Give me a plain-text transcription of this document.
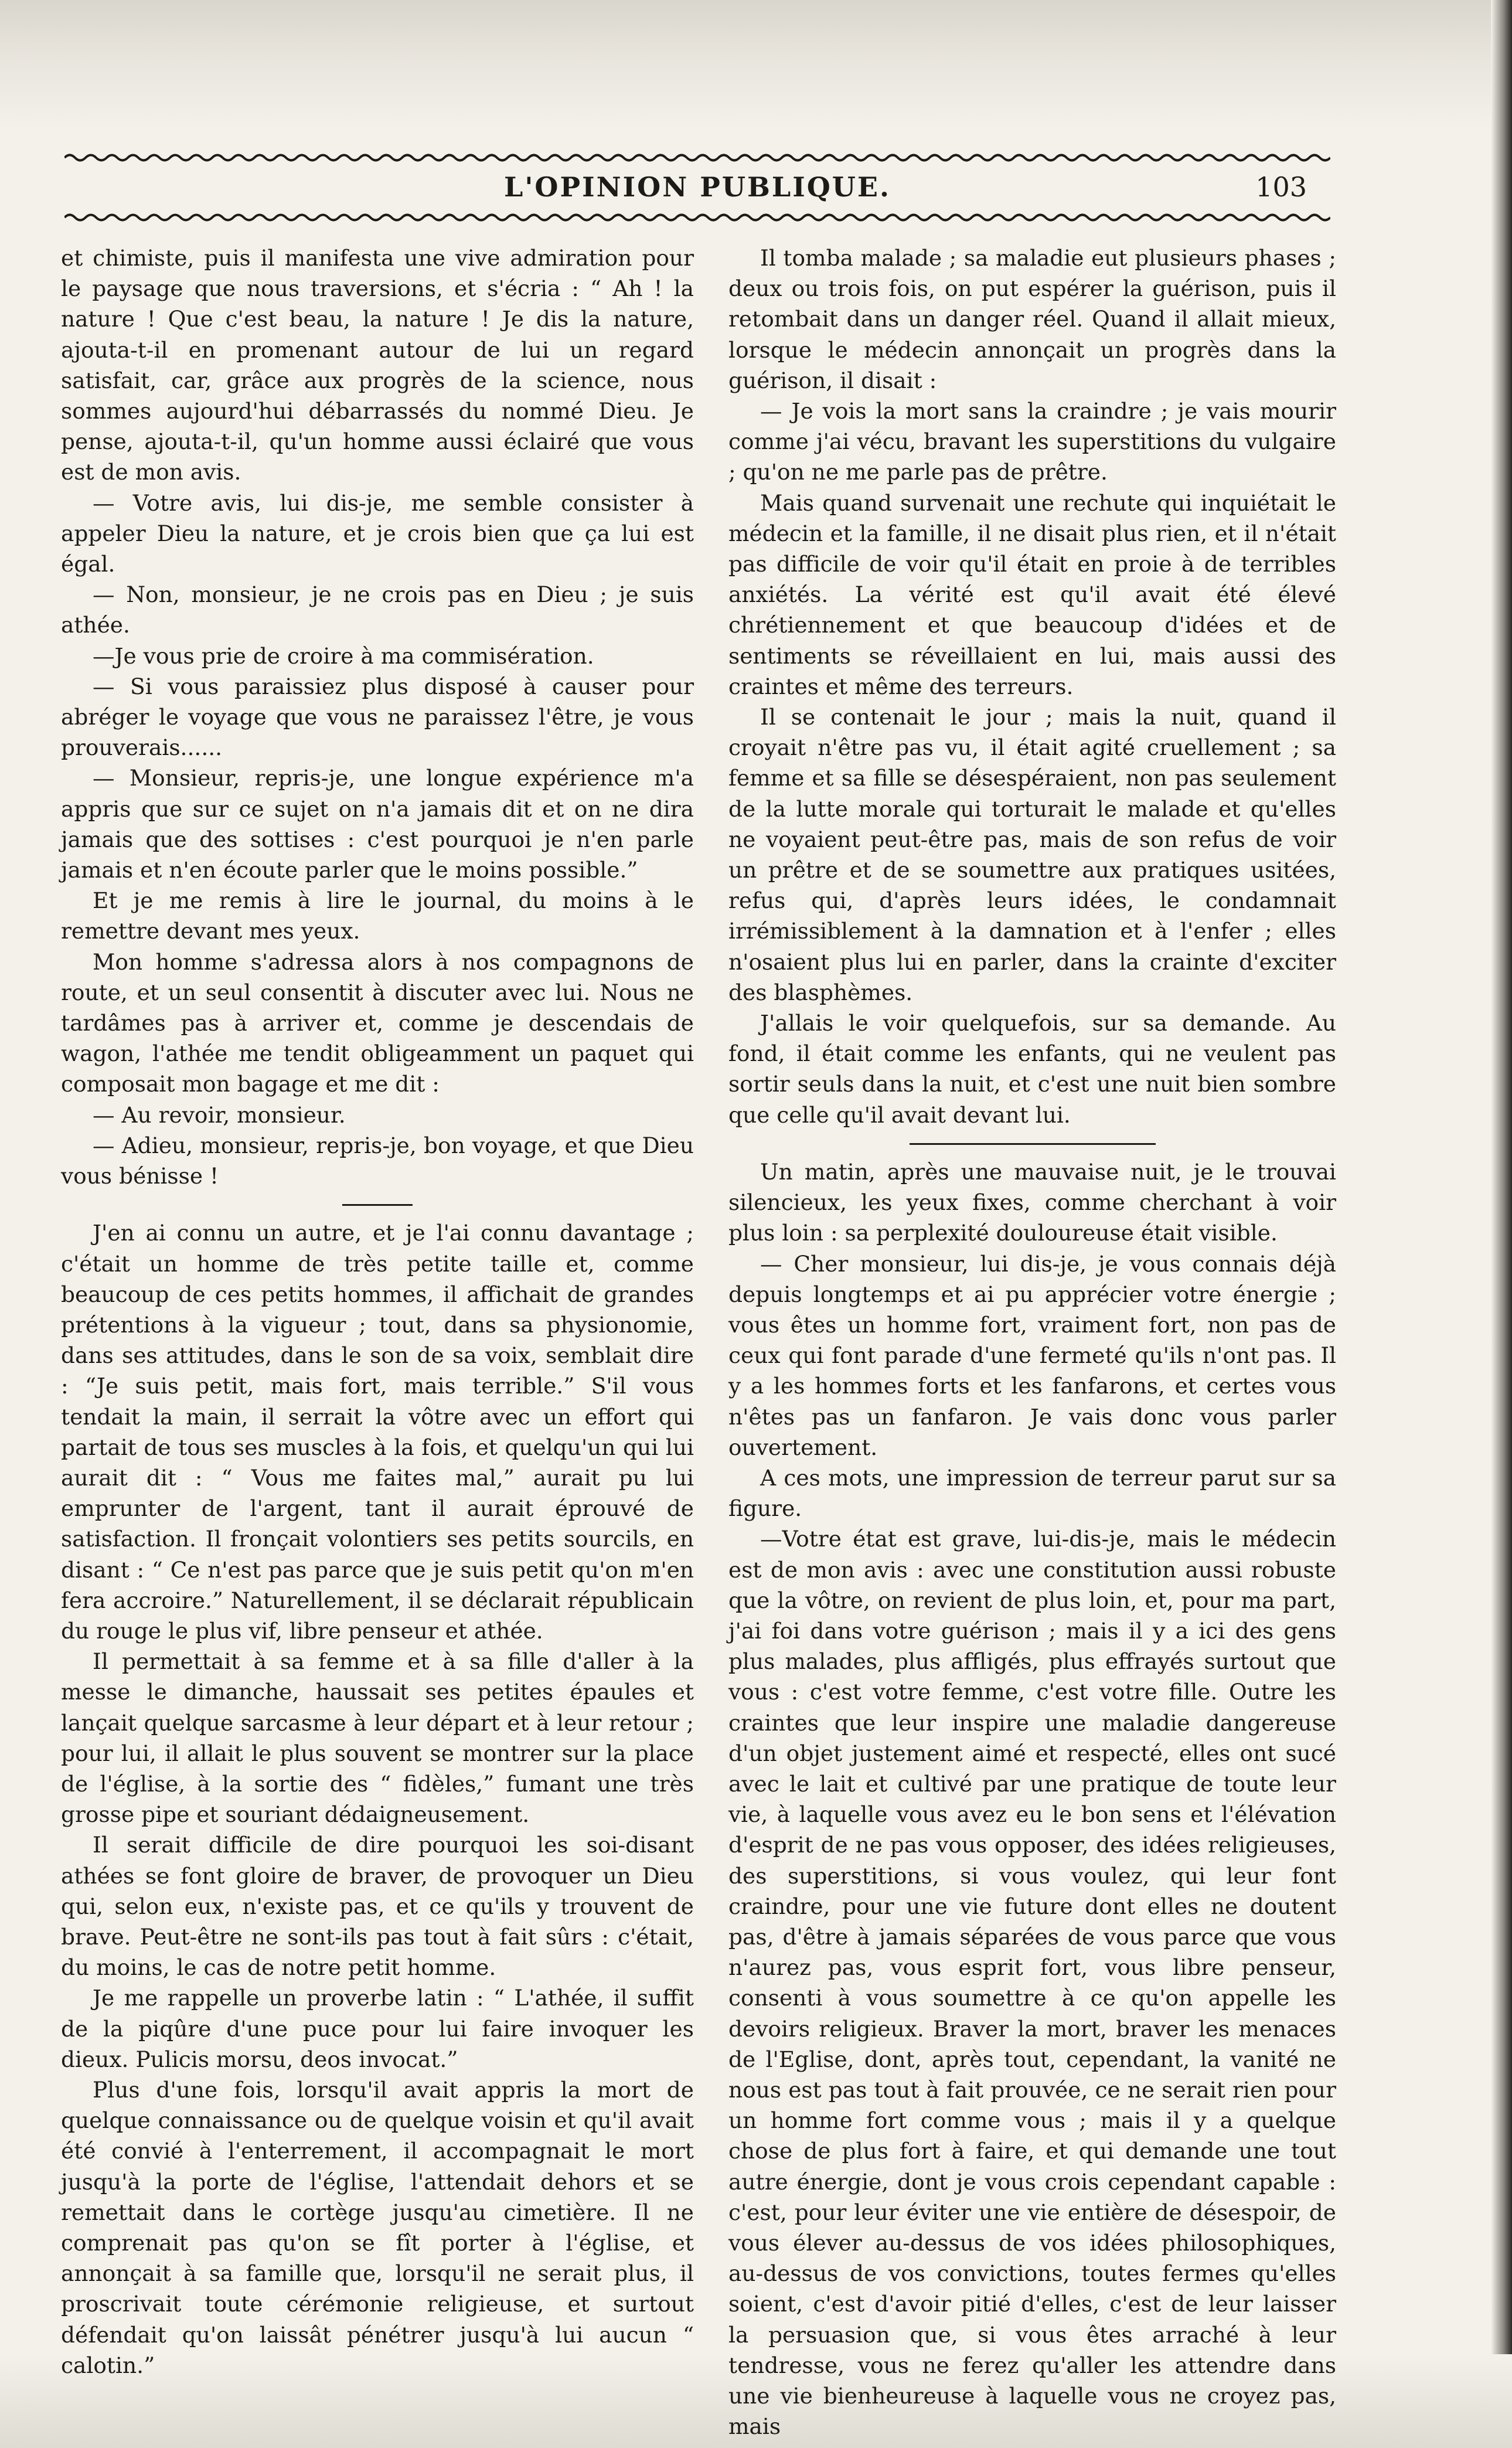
L'OPINION PUBLIQUE.	103

et chimiste, puis il manifesta une vive admiration pour le paysage que nous traversions, et s'écria : “ Ah ! la nature ! Que c'est beau, la nature ! Je dis la nature, ajouta-t-il en promenant autour de lui un regard satisfait, car, grâce aux progrès de la science, nous sommes aujourd'hui débarrassés du nommé Dieu. Je pense, ajouta-t-il, qu'un homme aussi éclairé que vous est de mon avis.

— Votre avis, lui dis-je, me semble consister à appeler Dieu la nature, et je crois bien que ça lui est égal.

— Non, monsieur, je ne crois pas en Dieu ; je suis athée.

—Je vous prie de croire à ma commisération.

— Si vous paraissiez plus disposé à causer pour abréger le voyage que vous ne paraissez l'être, je vous prouverais......

— Monsieur, repris-je, une longue expérience m'a appris que sur ce sujet on n'a jamais dit et on ne dira jamais que des sottises : c'est pourquoi je n'en parle jamais et n'en écoute parler que le moins possible.”

Et je me remis à lire le journal, du moins à le remettre devant mes yeux.

Mon homme s'adressa alors à nos compagnons de route, et un seul consentit à discuter avec lui. Nous ne tardâmes pas à arriver et, comme je descendais de wagon, l'athée me tendit obligeamment un paquet qui composait mon bagage et me dit :

— Au revoir, monsieur.

— Adieu, monsieur, repris-je, bon voyage, et que Dieu vous bénisse !

J'en ai connu un autre, et je l'ai connu davantage ; c'était un homme de très petite taille et, comme beaucoup de ces petits hommes, il affichait de grandes prétentions à la vigueur ; tout, dans sa physionomie, dans ses attitudes, dans le son de sa voix, semblait dire : “Je suis petit, mais fort, mais terrible.” S'il vous tendait la main, il serrait la vôtre avec un effort qui partait de tous ses muscles à la fois, et quelqu'un qui lui aurait dit : “ Vous me faites mal,” aurait pu lui emprunter de l'argent, tant il aurait éprouvé de satisfaction. Il fronçait volontiers ses petits sourcils, en disant : “ Ce n'est pas parce que je suis petit qu'on m'en fera accroire.” Naturellement, il se déclarait républicain du rouge le plus vif, libre penseur et athée.

Il permettait à sa femme et à sa fille d'aller à la messe le dimanche, haussait ses petites épaules et lançait quelque sarcasme à leur départ et à leur retour ; pour lui, il allait le plus souvent se montrer sur la place de l'église, à la sortie des “ fidèles,” fumant une très grosse pipe et souriant dédaigneusement.

Il serait difficile de dire pourquoi les soi-disant athées se font gloire de braver, de provoquer un Dieu qui, selon eux, n'existe pas, et ce qu'ils y trouvent de brave. Peut-être ne sont-ils pas tout à fait sûrs : c'était, du moins, le cas de notre petit homme.

Je me rappelle un proverbe latin : “ L'athée, il suffit de la piqûre d'une puce pour lui faire invoquer les dieux. Pulicis morsu, deos invocat.”

Plus d'une fois, lorsqu'il avait appris la mort de quelque connaissance ou de quelque voisin et qu'il avait été convié à l'enterrement, il accompagnait le mort jusqu'à la porte de l'église, l'attendait dehors et se remettait dans le cortège jusqu'au cimetière. Il ne comprenait pas qu'on se fît porter à l'église, et annonçait à sa famille que, lorsqu'il ne serait plus, il proscrivait toute cérémonie religieuse, et surtout défendait qu'on laissât pénétrer jusqu'à lui aucun “ calotin.”

Il tomba malade ; sa maladie eut plusieurs phases ; deux ou trois fois, on put espérer la guérison, puis il retombait dans un danger réel. Quand il allait mieux, lorsque le médecin annonçait un progrès dans la guérison, il disait :

— Je vois la mort sans la craindre ; je vais mourir comme j'ai vécu, bravant les superstitions du vulgaire ; qu'on ne me parle pas de prêtre.

Mais quand survenait une rechute qui inquiétait le médecin et la famille, il ne disait plus rien, et il n'était pas difficile de voir qu'il était en proie à de terribles anxiétés. La vérité est qu'il avait été élevé chrétiennement et que beaucoup d'idées et de sentiments se réveillaient en lui, mais aussi des craintes et même des terreurs.

Il se contenait le jour ; mais la nuit, quand il croyait n'être pas vu, il était agité cruellement ; sa femme et sa fille se désespéraient, non pas seulement de la lutte morale qui torturait le malade et qu'elles ne voyaient peut-être pas, mais de son refus de voir un prêtre et de se soumettre aux pratiques usitées, refus qui, d'après leurs idées, le condamnait irrémissiblement à la damnation et à l'enfer ; elles n'osaient plus lui en parler, dans la crainte d'exciter des blasphèmes.

J'allais le voir quelquefois, sur sa demande. Au fond, il était comme les enfants, qui ne veulent pas sortir seuls dans la nuit, et c'est une nuit bien sombre que celle qu'il avait devant lui.

Un matin, après une mauvaise nuit, je le trouvai silencieux, les yeux fixes, comme cherchant à voir plus loin : sa perplexité douloureuse était visible.

— Cher monsieur, lui dis-je, je vous connais déjà depuis longtemps et ai pu apprécier votre énergie ; vous êtes un homme fort, vraiment fort, non pas de ceux qui font parade d'une fermeté qu'ils n'ont pas. Il y a les hommes forts et les fanfarons, et certes vous n'êtes pas un fanfaron. Je vais donc vous parler ouvertement.

A ces mots, une impression de terreur parut sur sa figure.

—Votre état est grave, lui-dis-je, mais le médecin est de mon avis : avec une constitution aussi robuste que la vôtre, on revient de plus loin, et, pour ma part, j'ai foi dans votre guérison ; mais il y a ici des gens plus malades, plus affligés, plus effrayés surtout que vous : c'est votre femme, c'est votre fille. Outre les craintes que leur inspire une maladie dangereuse d'un objet justement aimé et respecté, elles ont sucé avec le lait et cultivé par une pratique de toute leur vie, à laquelle vous avez eu le bon sens et l'élévation d'esprit de ne pas vous opposer, des idées religieuses, des superstitions, si vous voulez, qui leur font craindre, pour une vie future dont elles ne doutent pas, d'être à jamais séparées de vous parce que vous n'aurez pas, vous esprit fort, vous libre penseur, consenti à vous soumettre à ce qu'on appelle les devoirs religieux. Braver la mort, braver les menaces de l'Eglise, dont, après tout, cependant, la vanité ne nous est pas tout à fait prouvée, ce ne serait rien pour un homme fort comme vous ; mais il y a quelque chose de plus fort à faire, et qui demande une tout autre énergie, dont je vous crois cependant capable : c'est, pour leur éviter une vie entière de désespoir, de vous élever au-dessus de vos idées philosophiques, au-dessus de vos convictions, toutes fermes qu'elles soient, c'est d'avoir pitié d'elles, c'est de leur laisser la persuasion que, si vous êtes arraché à leur tendresse, vous ne ferez qu'aller les attendre dans une vie bienheureuse à laquelle vous ne croyez pas, mais
